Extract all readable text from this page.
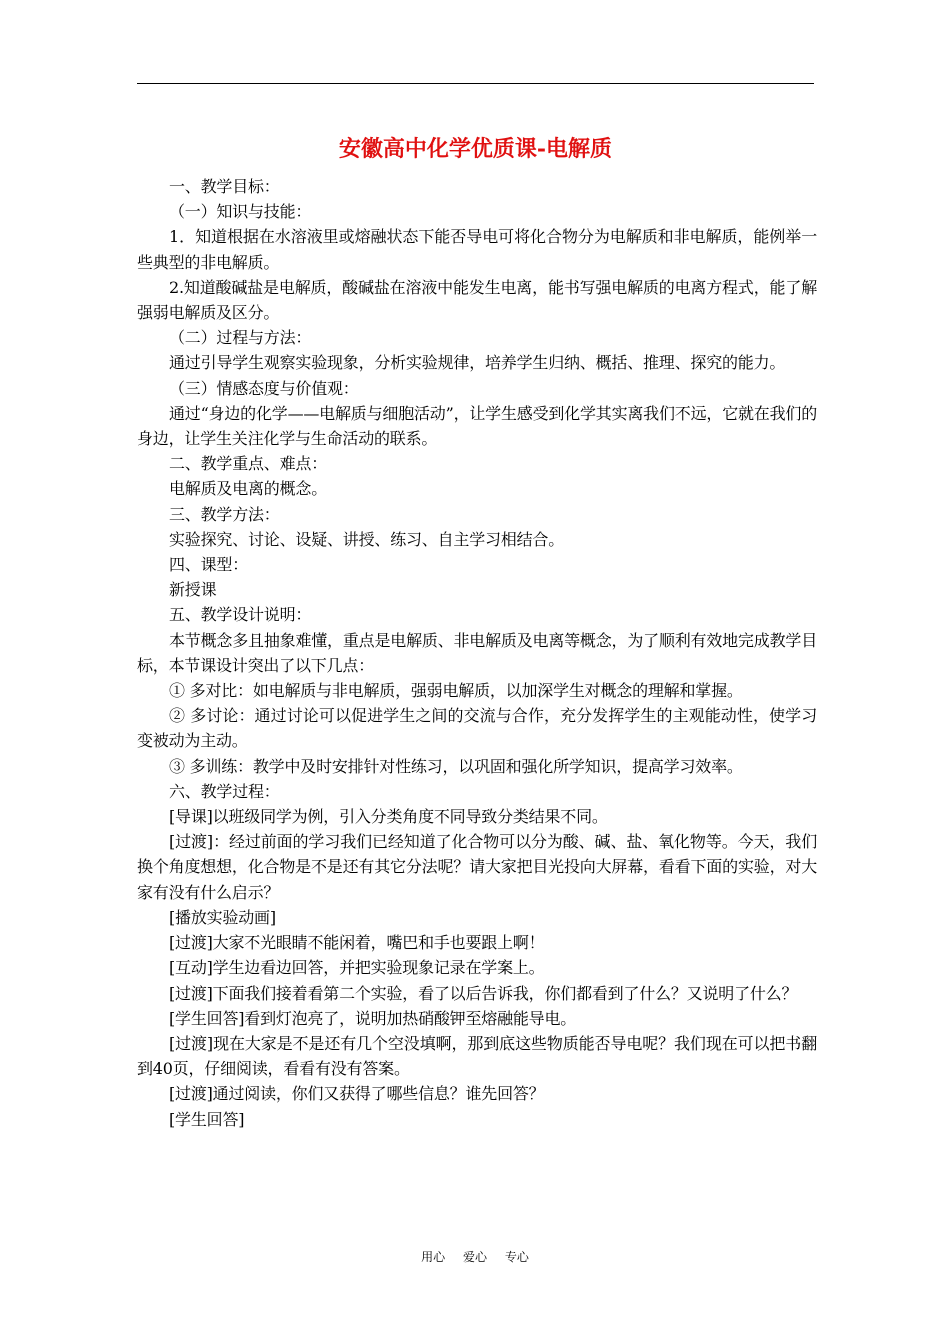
安徽高中化学优质课-电解质

一、教学目标：

（一）知识与技能：

1．知道根据在水溶液里或熔融状态下能否导电可将化合物分为电解质和非电解质，能例举一些典型的非电解质。

2.知道酸碱盐是电解质，酸碱盐在溶液中能发生电离，能书写强电解质的电离方程式，能了解强弱电解质及区分。

（二）过程与方法：

通过引导学生观察实验现象，分析实验规律，培养学生归纳、概括、推理、探究的能力。

（三）情感态度与价值观：

通过“身边的化学——电解质与细胞活动”，让学生感受到化学其实离我们不远，它就在我们的身边，让学生关注化学与生命活动的联系。

二、教学重点、难点：

电解质及电离的概念。

三、教学方法：

实验探究、讨论、设疑、讲授、练习、自主学习相结合。

四、课型：

新授课

五、教学设计说明：

本节概念多且抽象难懂，重点是电解质、非电解质及电离等概念，为了顺利有效地完成教学目标，本节课设计突出了以下几点：

① 多对比：如电解质与非电解质，强弱电解质，以加深学生对概念的理解和掌握。

② 多讨论：通过讨论可以促进学生之间的交流与合作，充分发挥学生的主观能动性，使学习变被动为主动。

③ 多训练：教学中及时安排针对性练习，以巩固和强化所学知识，提高学习效率。

六、教学过程：

[导课]以班级同学为例，引入分类角度不同导致分类结果不同。

[过渡]：经过前面的学习我们已经知道了化合物可以分为酸、碱、盐、氧化物等。今天，我们换个角度想想，化合物是不是还有其它分法呢？请大家把目光投向大屏幕，看看下面的实验，对大家有没有什么启示？

[播放实验动画]

[过渡]大家不光眼睛不能闲着，嘴巴和手也要跟上啊！

[互动]学生边看边回答，并把实验现象记录在学案上。

[过渡]下面我们接着看第二个实验，看了以后告诉我，你们都看到了什么？又说明了什么？

[学生回答]看到灯泡亮了，说明加热硝酸钾至熔融能导电。

[过渡]现在大家是不是还有几个空没填啊，那到底这些物质能否导电呢？我们现在可以把书翻到40页，仔细阅读，看看有没有答案。

[过渡]通过阅读，你们又获得了哪些信息？谁先回答？

[学生回答]

用心 爱心 专心
